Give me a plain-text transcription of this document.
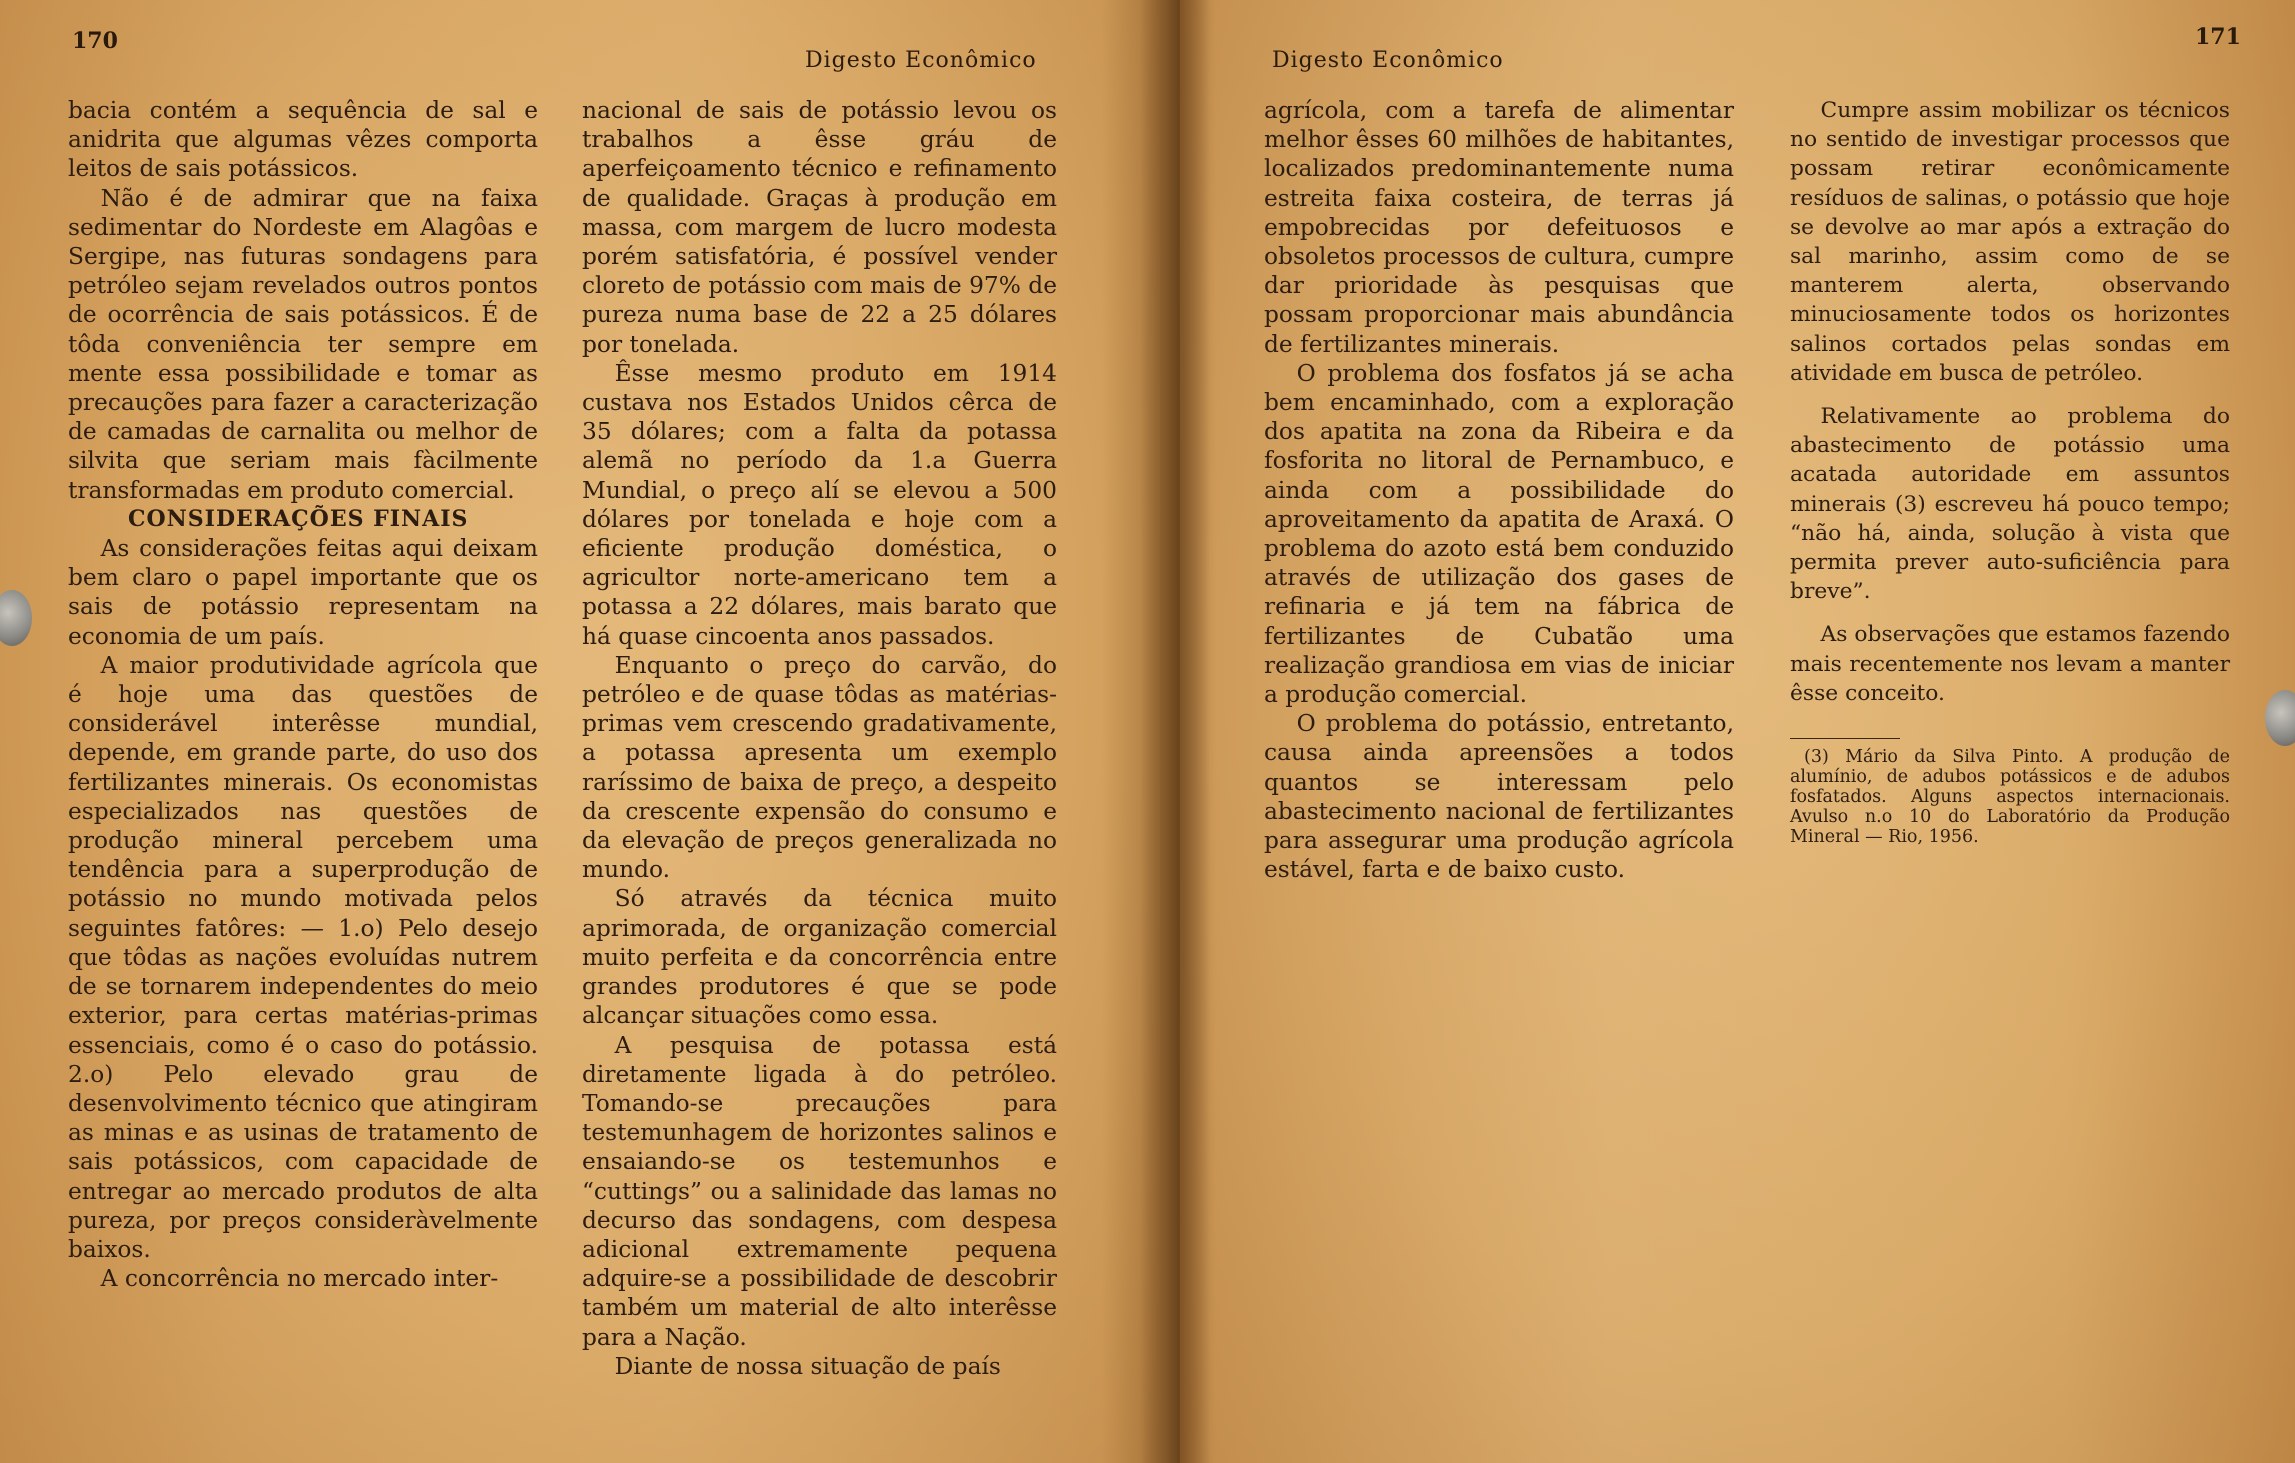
170
Digesto Econômico

bacia contém a sequência de sal e anidrita que algumas vêzes comporta leitos de sais potássicos.

Não é de admirar que na faixa sedimentar do Nordeste em Alagôas e Sergipe, nas futuras sondagens para petróleo sejam revelados outros pontos de ocorrência de sais potássicos. É de tôda conveniência ter sempre em mente essa possibilidade e tomar as precauções para fazer a caracterização de camadas de carnalita ou melhor de silvita que seriam mais fàcilmente transformadas em produto comercial.

CONSIDERAÇÕES FINAIS

As considerações feitas aqui deixam bem claro o papel importante que os sais de potássio representam na economia de um país.

A maior produtividade agrícola que é hoje uma das questões de considerável interêsse mundial, depende, em grande parte, do uso dos fertilizantes minerais. Os economistas especializados nas questões de produção mineral percebem uma tendência para a superprodução de potássio no mundo motivada pelos seguintes fatôres: — 1.o) Pelo desejo que tôdas as nações evoluídas nutrem de se tornarem independentes do meio exterior, para certas matérias-primas essenciais, como é o caso do potássio. 2.o) Pelo elevado grau de desenvolvimento técnico que atingiram as minas e as usinas de tratamento de sais potássicos, com capacidade de entregar ao mercado produtos de alta pureza, por preços consideràvelmente baixos.

A concorrência no mercado inter-

nacional de sais de potássio levou os trabalhos a êsse gráu de aperfeiçoamento técnico e refinamento de qualidade. Graças à produção em massa, com margem de lucro modesta porém satisfatória, é possível vender cloreto de potássio com mais de 97% de pureza numa base de 22 a 25 dólares por tonelada.

Êsse mesmo produto em 1914 custava nos Estados Unidos cêrca de 35 dólares; com a falta da potassa alemã no período da 1.a Guerra Mundial, o preço alí se elevou a 500 dólares por tonelada e hoje com a eficiente produção doméstica, o agricultor norte-americano tem a potassa a 22 dólares, mais barato que há quase cincoenta anos passados.

Enquanto o preço do carvão, do petróleo e de quase tôdas as matérias-primas vem crescendo gradativamente, a potassa apresenta um exemplo raríssimo de baixa de preço, a despeito da crescente expensão do consumo e da elevação de preços generalizada no mundo.

Só através da técnica muito aprimorada, de organização comercial muito perfeita e da concorrência entre grandes produtores é que se pode alcançar situações como essa.

A pesquisa de potassa está diretamente ligada à do petróleo. Tomando-se precauções para testemunhagem de horizontes salinos e ensaiando-se os testemunhos e “cuttings” ou a salinidade das lamas no decurso das sondagens, com despesa adicional extremamente pequena adquire-se a possibilidade de descobrir também um material de alto interêsse para a Nação.

Diante de nossa situação de país

Digesto Econômico
171

agrícola, com a tarefa de alimentar melhor êsses 60 milhões de habitantes, localizados predominantemente numa estreita faixa costeira, de terras já empobrecidas por defeituosos e obsoletos processos de cultura, cumpre dar prioridade às pesquisas que possam proporcionar mais abundância de fertilizantes minerais.

O problema dos fosfatos já se acha bem encaminhado, com a exploração dos apatita na zona da Ribeira e da fosforita no litoral de Pernambuco, e ainda com a possibilidade do aproveitamento da apatita de Araxá. O problema do azoto está bem conduzido através de utilização dos gases de refinaria e já tem na fábrica de fertilizantes de Cubatão uma realização grandiosa em vias de iniciar a produção comercial.

O problema do potássio, entretanto, causa ainda apreensões a todos quantos se interessam pelo abastecimento nacional de fertilizantes para assegurar uma produção agrícola estável, farta e de baixo custo.

Cumpre assim mobilizar os técnicos no sentido de investigar processos que possam retirar econômicamente resíduos de salinas, o potássio que hoje se devolve ao mar após a extração do sal marinho, assim como de se manterem alerta, observando minuciosamente todos os horizontes salinos cortados pelas sondas em atividade em busca de petróleo.

Relativamente ao problema do abastecimento de potássio uma acatada autoridade em assuntos minerais (3) escreveu há pouco tempo; “não há, ainda, solução à vista que permita prever auto-suficiência para breve”.

As observações que estamos fazendo mais recentemente nos levam a manter êsse conceito.

(3) Mário da Silva Pinto. A produção de alumínio, de adubos potássicos e de adubos fosfatados. Alguns aspectos internacionais. Avulso n.o 10 do Laboratório da Produção Mineral — Rio, 1956.
